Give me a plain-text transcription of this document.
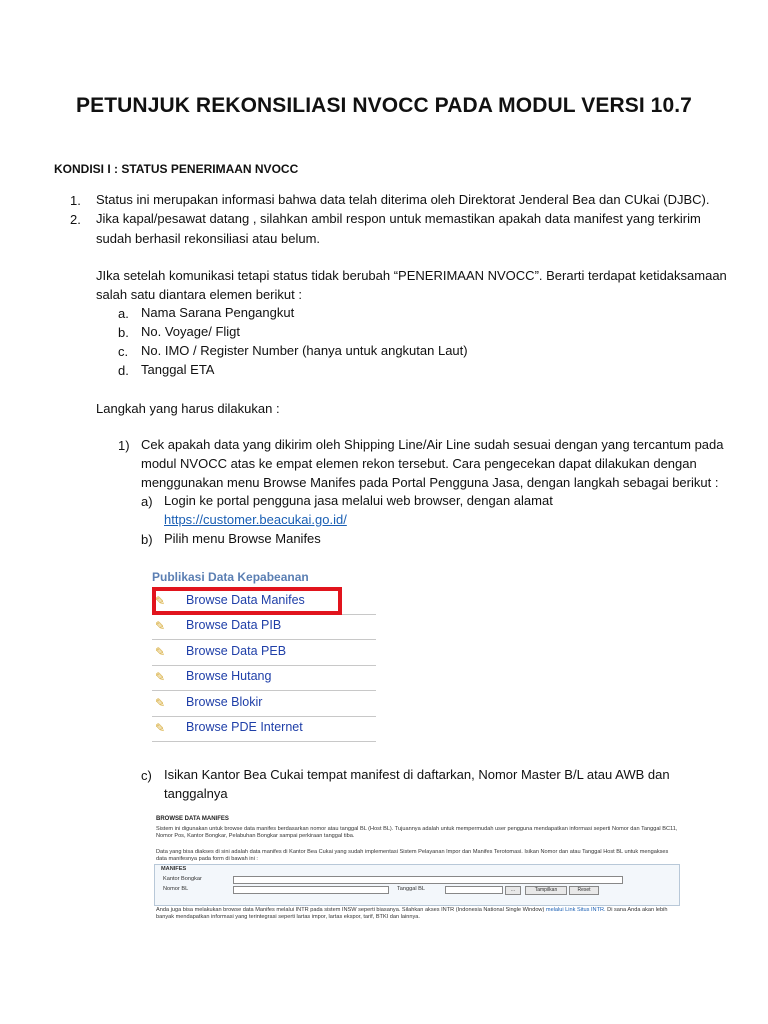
PETUNJUK REKONSILIASI NVOCC PADA MODUL VERSI 10.7
KONDISI I : STATUS PENERIMAAN NVOCC
1. Status ini merupakan informasi bahwa data telah diterima oleh Direktorat Jenderal Bea dan CUkai (DJBC).
2. Jika kapal/pesawat datang , silahkan ambil respon untuk memastikan apakah data manifest yang terkirim
sudah berhasil rekonsiliasi atau belum.
JIka setelah komunikasi tetapi status tidak berubah “PENERIMAAN NVOCC”. Berarti terdapat ketidaksamaan
salah satu diantara elemen berikut :
a. Nama Sarana Pengangkut
b. No. Voyage/ Fligt
c. No. IMO / Register Number (hanya untuk angkutan Laut)
d. Tanggal ETA
Langkah yang harus dilakukan :
1) Cek apakah data yang dikirim oleh Shipping Line/Air Line sudah sesuai dengan yang tercantum pada
modul NVOCC atas ke empat elemen rekon tersebut. Cara pengecekan dapat dilakukan dengan
menggunakan menu Browse Manifes pada Portal Pengguna Jasa, dengan langkah sebagai berikut :
a) Login ke portal pengguna jasa melalui web browser, dengan alamat
https://customer.beacukai.go.id/
b) Pilih menu Browse Manifes
Publikasi Data Kepabeanan
✎ Browse Data Manifes
✎ Browse Data PIB
✎ Browse Data PEB
✎ Browse Hutang
✎ Browse Blokir
✎ Browse PDE Internet
c) Isikan Kantor Bea Cukai tempat manifest di daftarkan, Nomor Master B/L atau AWB dan
tanggalnya
BROWSE DATA MANIFES
Sistem ini digunakan untuk browse data manifes berdasarkan nomor atau tanggal BL (Host BL). Tujuannya adalah untuk mempermudah user pengguna mendapatkan informasi seperti Nomor dan Tanggal BC11, Nomor Pos, Kantor Bongkar, Pelabuhan Bongkar sampai perkiraan tanggal tiba.
Data yang bisa diakses di sini adalah data manifes di Kantor Bea Cukai yang sudah implementasi Sistem Pelayanan Impor dan Manifes Terotomasi. Isikan Nomor dan atau Tanggal Host BL untuk mengakses data manifesnya pada form di bawah ini :
MANIFES
Kantor Bongkar
Nomor BL	Tanggal BL	...	Tampilkan	Reset
Anda juga bisa melakukan browse data Manifes melalui INTR pada sistem INSW seperti biasanya. Silahkan akses INTR (Indonesia National Single Window) melalui Link Situs INTR. Di sana Anda akan lebih banyak mendapatkan informasi yang terintegrasi seperti lartas impor, lartas ekspor, tarif, BTKI dan lainnya.
